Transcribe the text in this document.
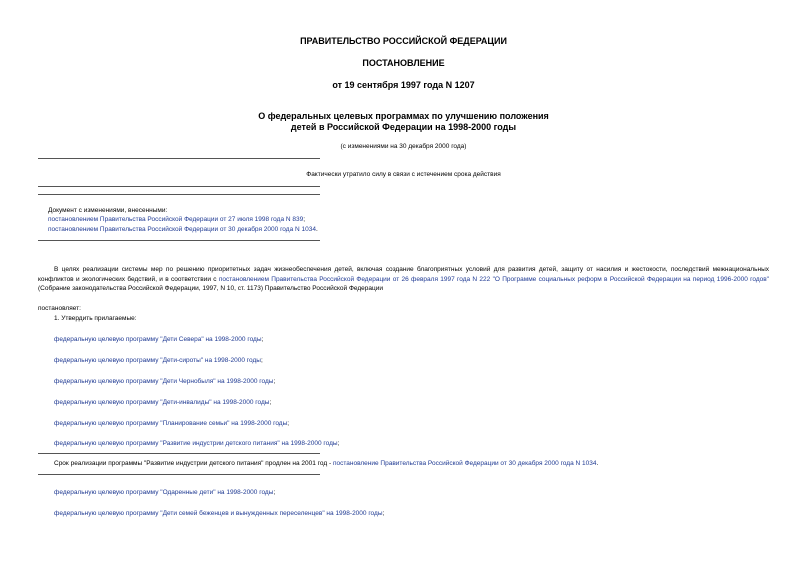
ПРАВИТЕЛЬСТВО РОССИЙСКОЙ ФЕДЕРАЦИИ
ПОСТАНОВЛЕНИЕ
от 19 сентября 1997 года N 1207
О федеральных целевых программах по улучшению положения
детей в Российской Федерации на 1998-2000 годы
(с изменениями на 30 декабря 2000 года)
Фактически утратило силу в связи с истечением срока действия
Документ с изменениями, внесенными:
постановлением Правительства Российской Федерации от 27 июля 1998 года N 839;
постановлением Правительства Российской Федерации от 30 декабря 2000 года N 1034.

В целях реализации системы мер по решению приоритетных задач жизнеобеспечения детей, включая создание благоприятных условий для развития детей, защиту от насилия и жестокости, последствий межнациональных конфликтов и экологических бедствий, и в соответствии с постановлением Правительства Российской Федерации от 26 февраля 1997 года N 222 "О Программе социальных реформ в Российской Федерации на период 1996-2000 годов" (Собрание законодательства Российской Федерации, 1997, N 10, ст. 1173) Правительство Российской Федерации

постановляет:
1. Утвердить прилагаемые:
федеральную целевую программу "Дети Севера" на 1998-2000 годы;
федеральную целевую программу "Дети-сироты" на 1998-2000 годы;
федеральную целевую программу "Дети Чернобыля" на 1998-2000 годы;
федеральную целевую программу "Дети-инвалиды" на 1998-2000 годы;
федеральную целевую программу "Планирование семьи" на 1998-2000 годы;
федеральную целевую программу "Развитие индустрии детского питания" на 1998-2000 годы;
Срок реализации программы "Развитие индустрии детского питания" продлен на 2001 год - постановление Правительства Российской Федерации от 30 декабря 2000 года N 1034.
федеральную целевую программу "Одаренные дети" на 1998-2000 годы;
федеральную целевую программу "Дети семей беженцев и вынужденных переселенцев" на 1998-2000 годы;
